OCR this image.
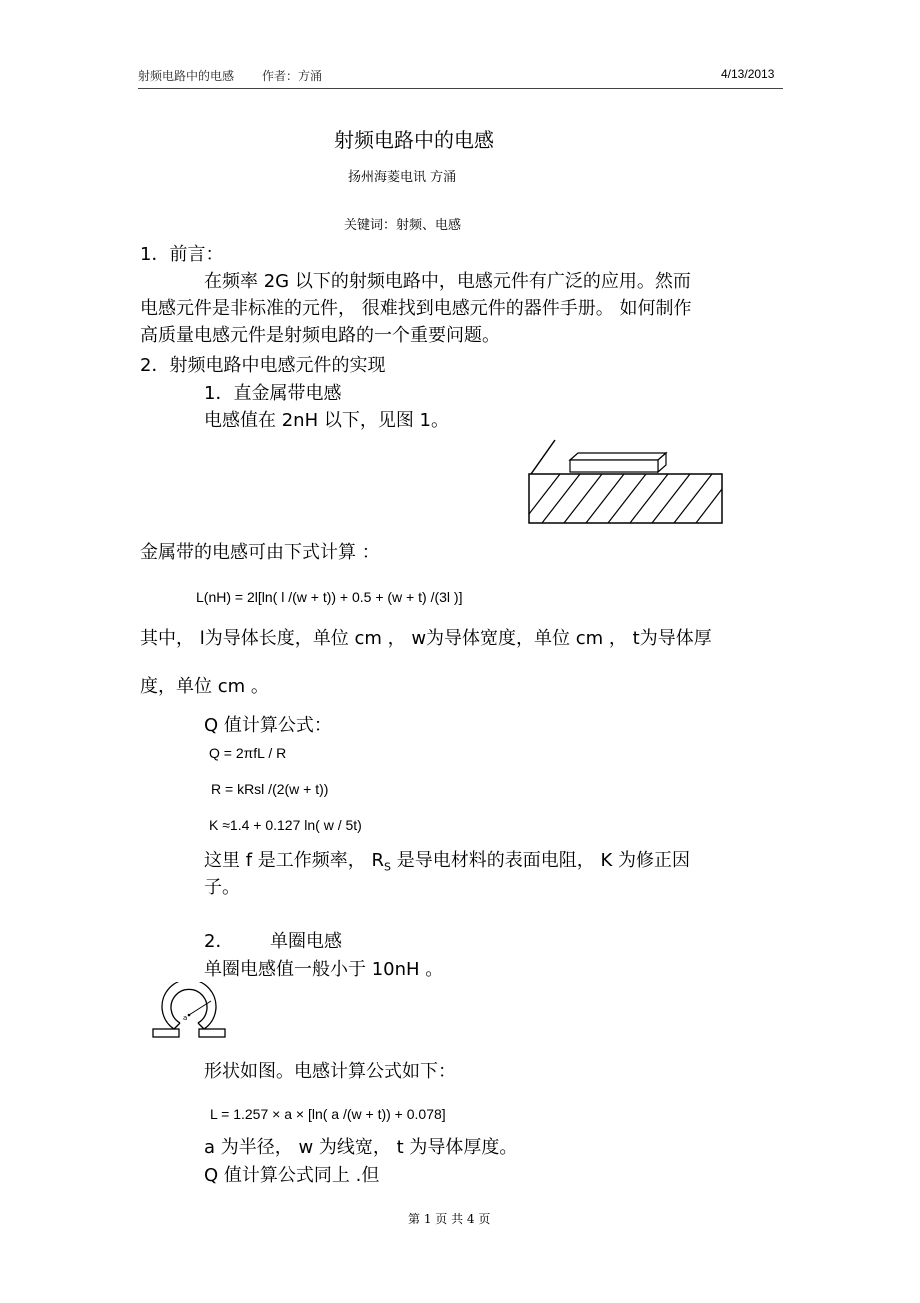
射频电路中的电感 作者：方涌	4/13/2013
射频电路中的电感
扬州海菱电讯 方涌
关键词：射频、电感
1．前言：
在频率 2G 以下的射频电路中，电感元件有广泛的应用。然而
电感元件是非标准的元件， 很难找到电感元件的器件手册。 如何制作
高质量电感元件是射频电路的一个重要问题。
2．射频电路中电感元件的实现
1．直金属带电感
电感值在 2nH 以下，见图 1。
金属带的电感可由下式计算 ：
L(nH) = 2l[ln( l /(w + t)) + 0.5 + (w + t) /(3l )]
其中， l为导体长度，单位 cm ， w为导体宽度，单位 cm ， t为导体厚
度，单位 cm 。
Q 值计算公式：
Q = 2πfL / R
R = kRsl /(2(w + t))
K ≈1.4 + 0.127 ln( w / 5t)
这里 f 是工作频率， $R_S$ 是导电材料的表面电阻， K 为修正因
子。
2． 单圈电感
单圈电感值一般小于 10nH 。
a
形状如图。电感计算公式如下：
L = 1.257 × a × [ln( a /(w + t)) + 0.078]
a 为半径， w 为线宽， t 为导体厚度。
Q 值计算公式同上 .但
第 1 页 共 4 页
